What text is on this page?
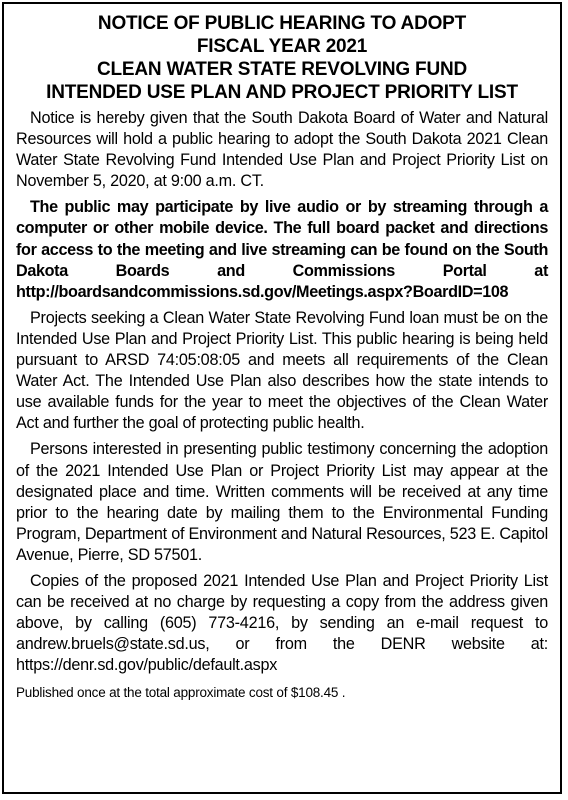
NOTICE OF PUBLIC HEARING TO ADOPT
FISCAL YEAR 2021
CLEAN WATER STATE REVOLVING FUND
INTENDED USE PLAN AND PROJECT PRIORITY LIST

Notice is hereby given that the South Dakota Board of Water and Natural Resources will hold a public hearing to adopt the South Dakota 2021 Clean Water State Revolving Fund Intended Use Plan and Project Priority List on November 5, 2020, at 9:00 a.m. CT.

The public may participate by live audio or by streaming through a computer or other mobile device. The full board packet and directions for access to the meeting and live streaming can be found on the South Dakota Boards and Commissions Portal at http://boardsandcommissions.sd.gov/Meetings.aspx?BoardID=108

Projects seeking a Clean Water State Revolving Fund loan must be on the Intended Use Plan and Project Priority List. This public hearing is being held pursuant to ARSD 74:05:08:05 and meets all requirements of the Clean Water Act. The Intended Use Plan also describes how the state intends to use available funds for the year to meet the objectives of the Clean Water Act and further the goal of protecting public health.

Persons interested in presenting public testimony concerning the adoption of the 2021 Intended Use Plan or Project Priority List may appear at the designated place and time. Written comments will be received at any time prior to the hearing date by mailing them to the Environmental Funding Program, Department of Environment and Natural Resources, 523 E. Capitol Avenue, Pierre, SD 57501.

Copies of the proposed 2021 Intended Use Plan and Project Priority List can be received at no charge by requesting a copy from the address given above, by calling (605) 773-4216, by sending an e-mail request to andrew.bruels@state.sd.us, or from the DENR website at: https://denr.sd.gov/public/default.aspx

Published once at the total approximate cost of $108.45 .
